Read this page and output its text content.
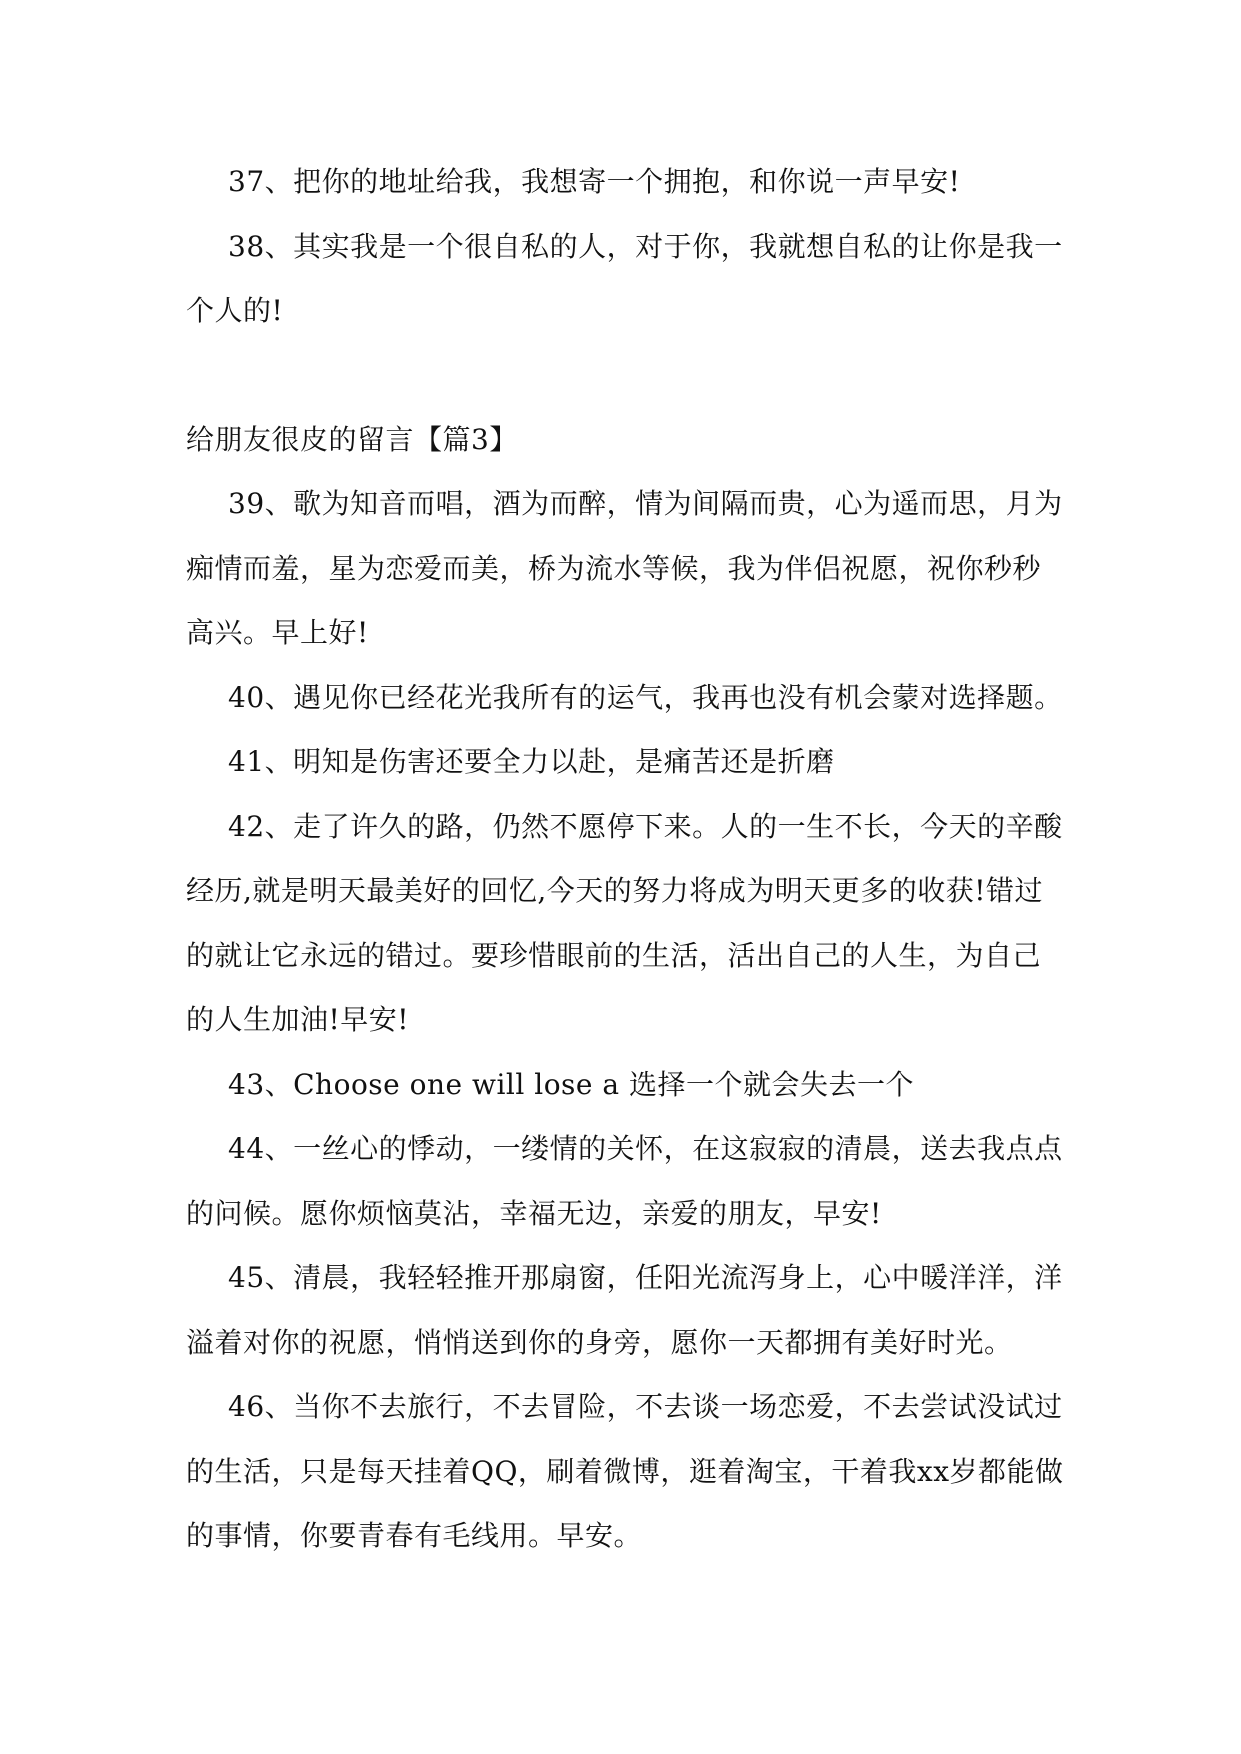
37、把你的地址给我，我想寄一个拥抱，和你说一声早安!

38、其实我是一个很自私的人，对于你，我就想自私的让你是我一个人的!

给朋友很皮的留言【篇3】

39、歌为知音而唱，酒为而醉，情为间隔而贵，心为遥而思，月为痴情而羞，星为恋爱而美，桥为流水等候，我为伴侣祝愿，祝你秒秒高兴。早上好!

40、遇见你已经花光我所有的运气，我再也没有机会蒙对选择题。

41、明知是伤害还要全力以赴，是痛苦还是折磨

42、走了许久的路，仍然不愿停下来。人的一生不长，今天的辛酸经历,就是明天最美好的回忆,今天的努力将成为明天更多的收获!错过的就让它永远的错过。要珍惜眼前的生活，活出自己的人生，为自己的人生加油!早安!

43、Choose one will lose a 选择一个就会失去一个

44、一丝心的悸动，一缕情的关怀，在这寂寂的清晨，送去我点点的问候。愿你烦恼莫沾，幸福无边，亲爱的朋友，早安!

45、清晨，我轻轻推开那扇窗，任阳光流泻身上，心中暖洋洋，洋溢着对你的祝愿，悄悄送到你的身旁，愿你一天都拥有美好时光。

46、当你不去旅行，不去冒险，不去谈一场恋爱，不去尝试没试过的生活，只是每天挂着QQ，刷着微博，逛着淘宝，干着我xx岁都能做的事情，你要青春有毛线用。早安。
